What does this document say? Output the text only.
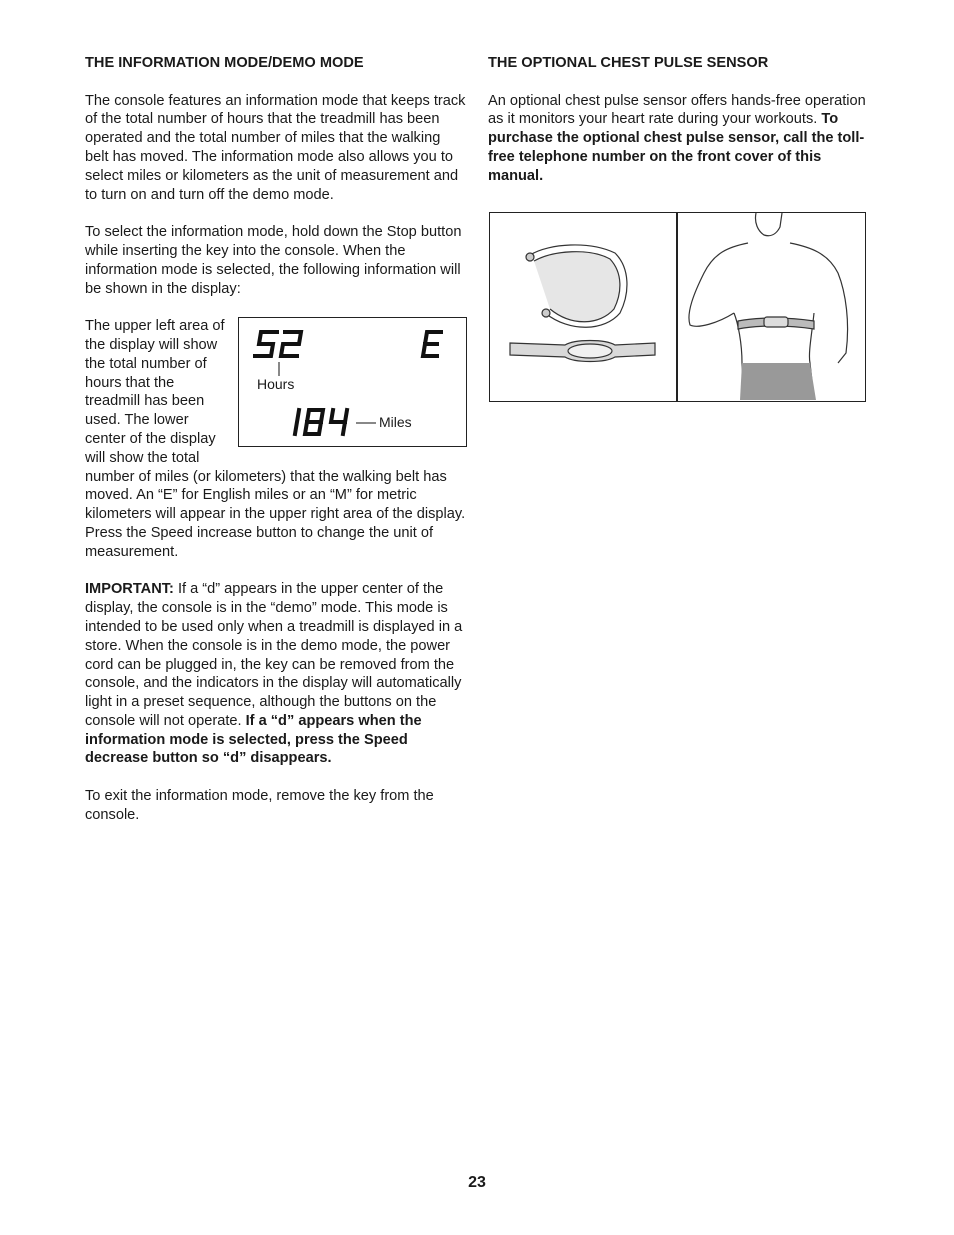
THE INFORMATION MODE/DEMO MODE

The console features an information mode that keeps track of the total number of hours that the treadmill has been operated and the total number of miles that the walking belt has moved. The information mode also allows you to select miles or kilometers as the unit of measurement and to turn on and turn off the demo mode.

To select the information mode, hold down the Stop button while inserting the key into the console. When the information mode is selected, the following information will be shown in the display:

Hours
Miles

The upper left area of the display will show the total number of hours that the treadmill has been used. The lower center of the display will show the total number of miles (or kilometers) that the walking belt has moved. An “E” for English miles or an “M” for metric kilometers will appear in the upper right area of the display. Press the Speed increase button to change the unit of measurement.

IMPORTANT: If a “d” appears in the upper center of the display, the console is in the “demo” mode. This mode is intended to be used only when a treadmill is displayed in a store. When the console is in the demo mode, the power cord can be plugged in, the key can be removed from the console, and the indicators in the display will automatically light in a preset sequence, although the buttons on the console will not operate. If a “d” appears when the information mode is selected, press the Speed decrease button so “d” disappears.

To exit the information mode, remove the key from the console.

THE OPTIONAL CHEST PULSE SENSOR

An optional chest pulse sensor offers hands-free operation as it monitors your heart rate during your workouts. To purchase the optional chest pulse sensor, call the toll-free telephone number on the front cover of this manual.

23
